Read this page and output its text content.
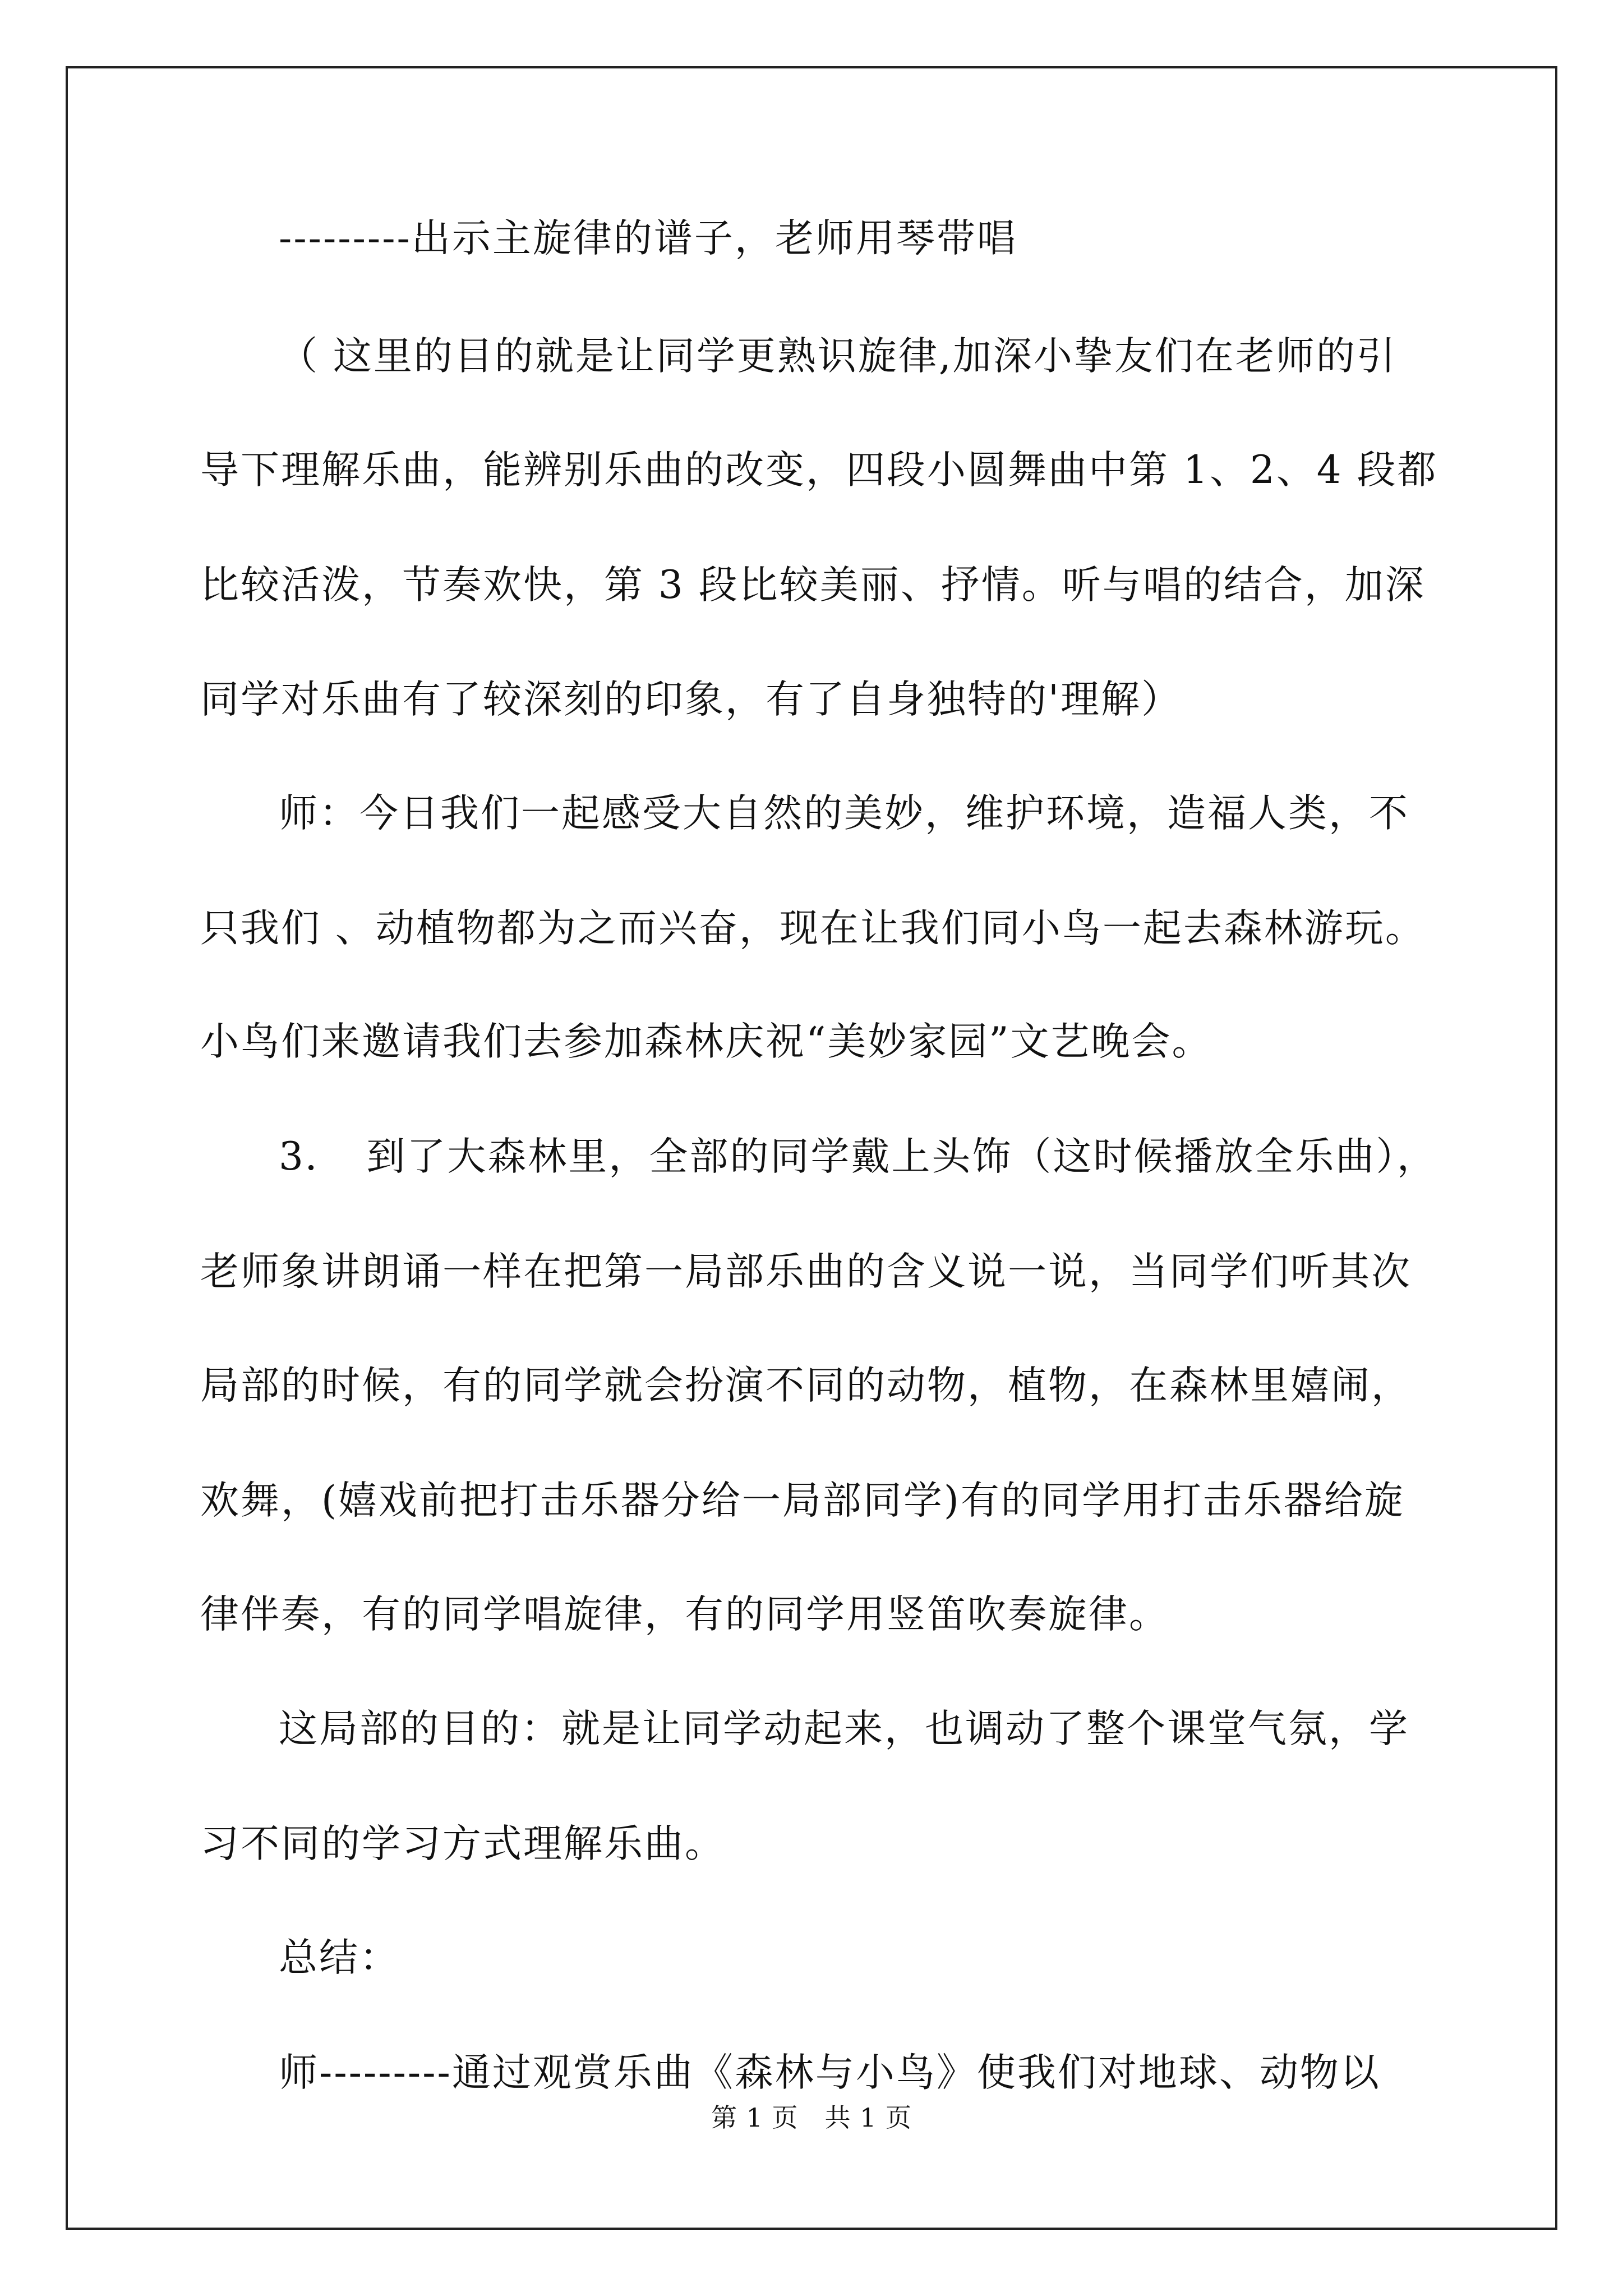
---------出示主旋律的谱子，老师用琴带唱
（ 这里的目的就是让同学更熟识旋律,加深小挚友们在老师的引
导下理解乐曲，能辨别乐曲的改变，四段小圆舞曲中第 1、2、4 段都
比较活泼，节奏欢快，第 3 段比较美丽、抒情。听与唱的结合，加深
同学对乐曲有了较深刻的印象，有了自身独特的'理解）
师：今日我们一起感受大自然的美妙，维护环境，造福人类，不
只我们 、动植物都为之而兴奋，现在让我们同小鸟一起去森林游玩。
小鸟们来邀请我们去参加森林庆祝“美妙家园”文艺晚会。
3．　到了大森林里，全部的同学戴上头饰（这时候播放全乐曲），
老师象讲朗诵一样在把第一局部乐曲的含义说一说，当同学们听其次
局部的时候，有的同学就会扮演不同的动物，植物，在森林里嬉闹，
欢舞，(嬉戏前把打击乐器分给一局部同学)有的同学用打击乐器给旋
律伴奏，有的同学唱旋律，有的同学用竖笛吹奏旋律。
这局部的目的：就是让同学动起来，也调动了整个课堂气氛，学
习不同的学习方式理解乐曲。
总结：
师---------通过观赏乐曲《森林与小鸟》使我们对地球、动物以
第 1 页　共 1 页
